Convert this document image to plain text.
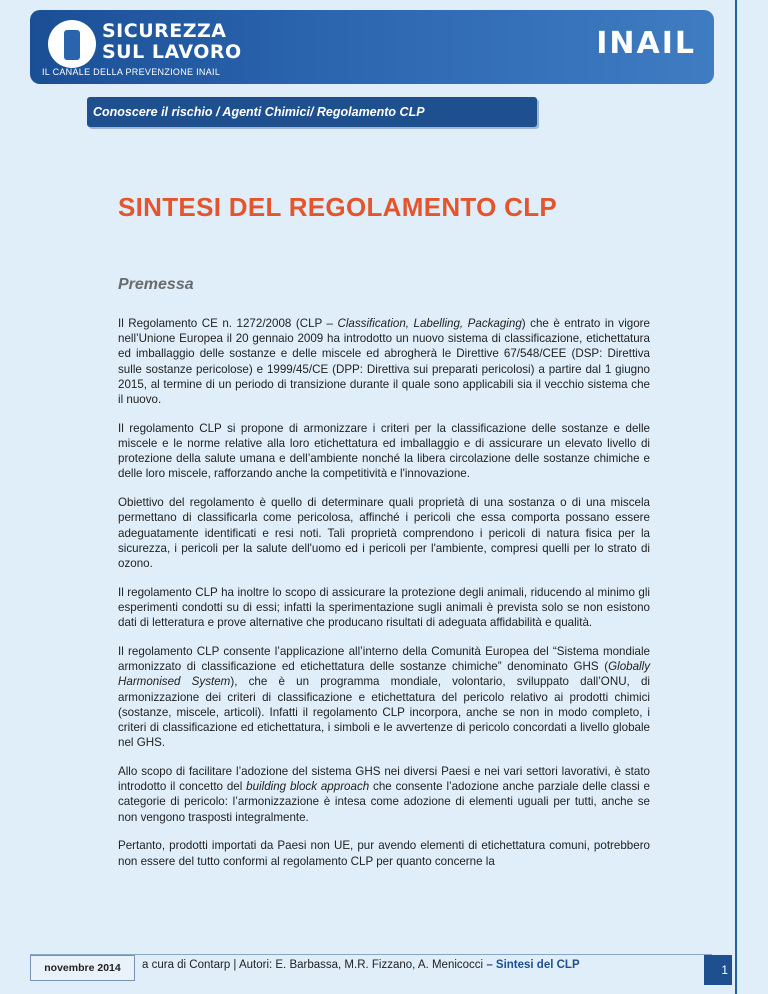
SICUREZZA
SUL LAVORO
IL CANALE DELLA PREVENZIONE INAIL
INAIL
Conoscere il rischio / Agenti Chimici/ Regolamento CLP
SINTESI DEL REGOLAMENTO CLP
Premessa

Il Regolamento CE n. 1272/2008 (CLP – Classification, Labelling, Packaging) che è entrato in vigore nell’Unione Europea il 20 gennaio 2009 ha introdotto un nuovo sistema di classificazione, etichettatura ed imballaggio delle sostanze e delle miscele ed abrogherà le Direttive 67/548/CEE (DSP: Direttiva sulle sostanze pericolose) e 1999/45/CE (DPP: Direttiva sui preparati pericolosi) a partire dal 1 giugno 2015, al termine di un periodo di transizione durante il quale sono applicabili sia il vecchio sistema che il nuovo.

Il regolamento CLP si propone di armonizzare i criteri per la classificazione delle sostanze e delle miscele e le norme relative alla loro etichettatura ed imballaggio e di assicurare un elevato livello di protezione della salute umana e dell’ambiente nonché la libera circolazione delle sostanze chimiche e delle loro miscele, rafforzando anche la competitività e l'innovazione.

Obiettivo del regolamento è quello di determinare quali proprietà di una sostanza o di una miscela permettano di classificarla come pericolosa, affinché i pericoli che essa comporta possano essere adeguatamente identificati e resi noti. Tali proprietà comprendono i pericoli di natura fisica per la sicurezza, i pericoli per la salute dell'uomo ed i pericoli per l'ambiente, compresi quelli per lo strato di ozono.

Il regolamento CLP ha inoltre lo scopo di assicurare la protezione degli animali, riducendo al minimo gli esperimenti condotti su di essi; infatti la sperimentazione sugli animali è prevista solo se non esistono dati di letteratura e prove alternative che producano risultati di adeguata affidabilità e qualità.

Il regolamento CLP consente l’applicazione all’interno della Comunità Europea del “Sistema mondiale armonizzato di classificazione ed etichettatura delle sostanze chimiche” denominato GHS (Globally Harmonised System), che è un programma mondiale, volontario, sviluppato dall’ONU, di armonizzazione dei criteri di classificazione e etichettatura del pericolo relativo ai prodotti chimici (sostanze, miscele, articoli). Infatti il regolamento CLP incorpora, anche se non in modo completo, i criteri di classificazione ed etichettatura, i simboli e le avvertenze di pericolo concordati a livello globale nel GHS.

Allo scopo di facilitare l’adozione del sistema GHS nei diversi Paesi e nei vari settori lavorativi, è stato introdotto il concetto del building block approach che consente l’adozione anche parziale delle classi e categorie di pericolo: l’armonizzazione è intesa come adozione di elementi uguali per tutti, anche se non vengono trasposti integralmente.

Pertanto, prodotti importati da Paesi non UE, pur avendo elementi di etichettatura comuni, potrebbero non essere del tutto conformi al regolamento CLP per quanto concerne la

novembre 2014	a cura di Contarp | Autori: E. Barbassa, M.R. Fizzano, A. Menicocci – Sintesi del CLP	1
